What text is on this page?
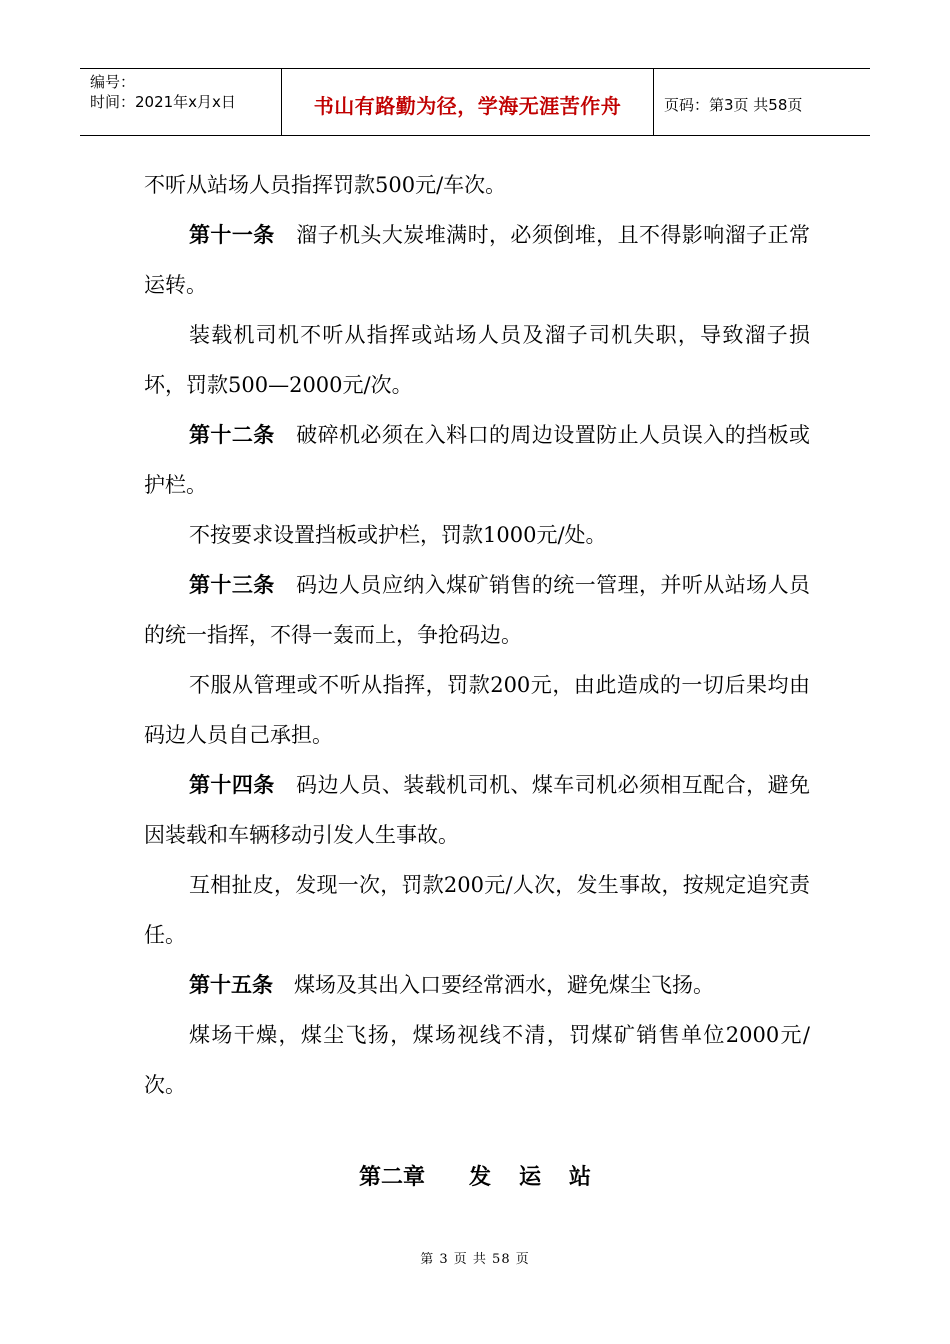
编号：
时间：2021年x月x日	书山有路勤为径，学海无涯苦作舟	页码：第3页 共58页

不听从站场人员指挥罚款500元/车次。

第十一条　溜子机头大炭堆满时，必须倒堆，且不得影响溜子正常运转。

装载机司机不听从指挥或站场人员及溜子司机失职，导致溜子损坏，罚款500—2000元/次。

第十二条　破碎机必须在入料口的周边设置防止人员误入的挡板或护栏。

不按要求设置挡板或护栏，罚款1000元/处。

第十三条　码边人员应纳入煤矿销售的统一管理，并听从站场人员的统一指挥，不得一轰而上，争抢码边。

不服从管理或不听从指挥，罚款200元，由此造成的一切后果均由码边人员自己承担。

第十四条　码边人员、装载机司机、煤车司机必须相互配合，避免因装载和车辆移动引发人生事故。

互相扯皮，发现一次，罚款200元/人次，发生事故，按规定追究责任。

第十五条　煤场及其出入口要经常洒水，避免煤尘飞扬。

煤场干燥，煤尘飞扬，煤场视线不清，罚煤矿销售单位2000元/次。

第二章 发 运 站
第 3 页 共 58 页
